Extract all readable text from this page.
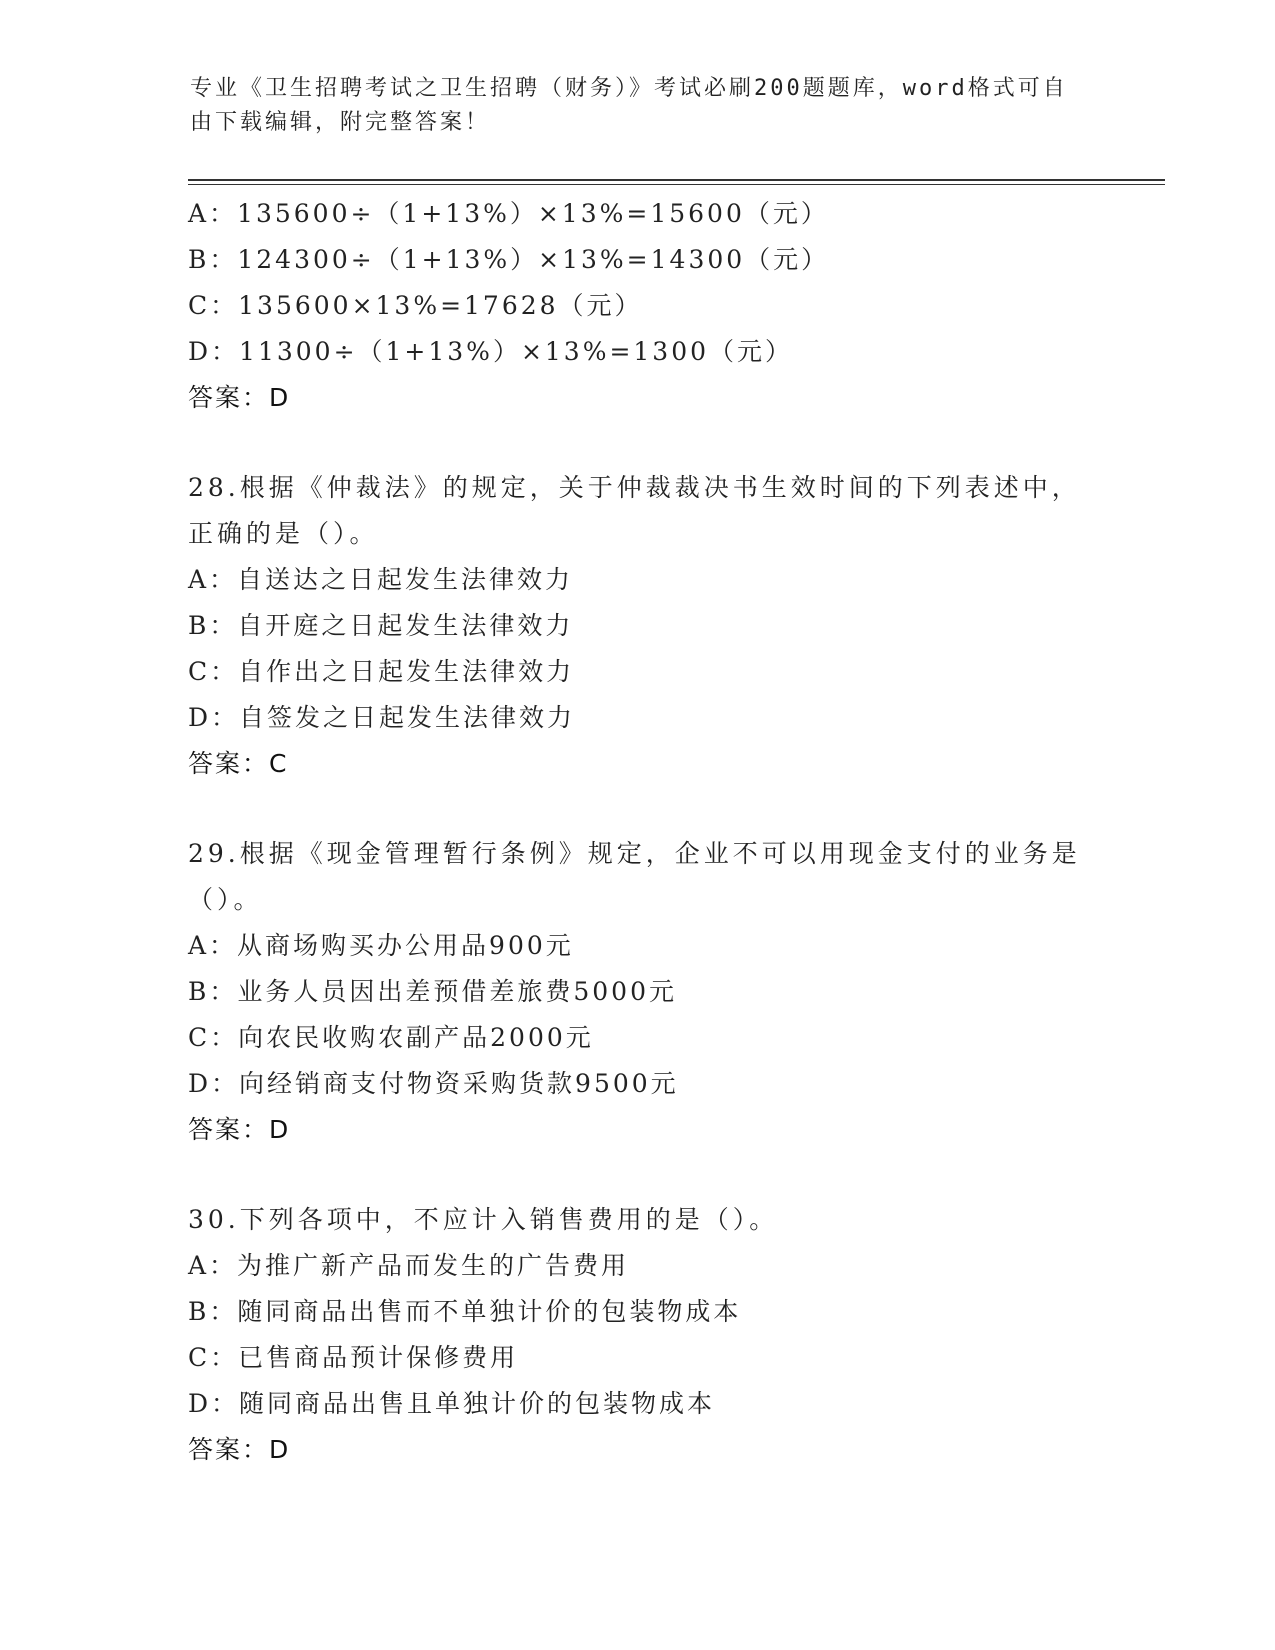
专业《卫生招聘考试之卫生招聘（财务）》考试必刷200题题库，word格式可自由下载编辑，附完整答案！
A：135600÷（1+13%）×13%=15600（元）
B：124300÷（1+13%）×13%=14300（元）
C：135600×13%=17628（元）
D：11300÷（1+13%）×13%=1300（元）
答案：D
28.根据《仲裁法》的规定，关于仲裁裁决书生效时间的下列表述中，
正确的是（）。
A：自送达之日起发生法律效力
B：自开庭之日起发生法律效力
C：自作出之日起发生法律效力
D：自签发之日起发生法律效力
答案：C
29.根据《现金管理暂行条例》规定，企业不可以用现金支付的业务是
（）。
A：从商场购买办公用品900元
B：业务人员因出差预借差旅费5000元
C：向农民收购农副产品2000元
D：向经销商支付物资采购货款9500元
答案：D
30.下列各项中，不应计入销售费用的是（）。
A：为推广新产品而发生的广告费用
B：随同商品出售而不单独计价的包装物成本
C：已售商品预计保修费用
D：随同商品出售且单独计价的包装物成本
答案：D
